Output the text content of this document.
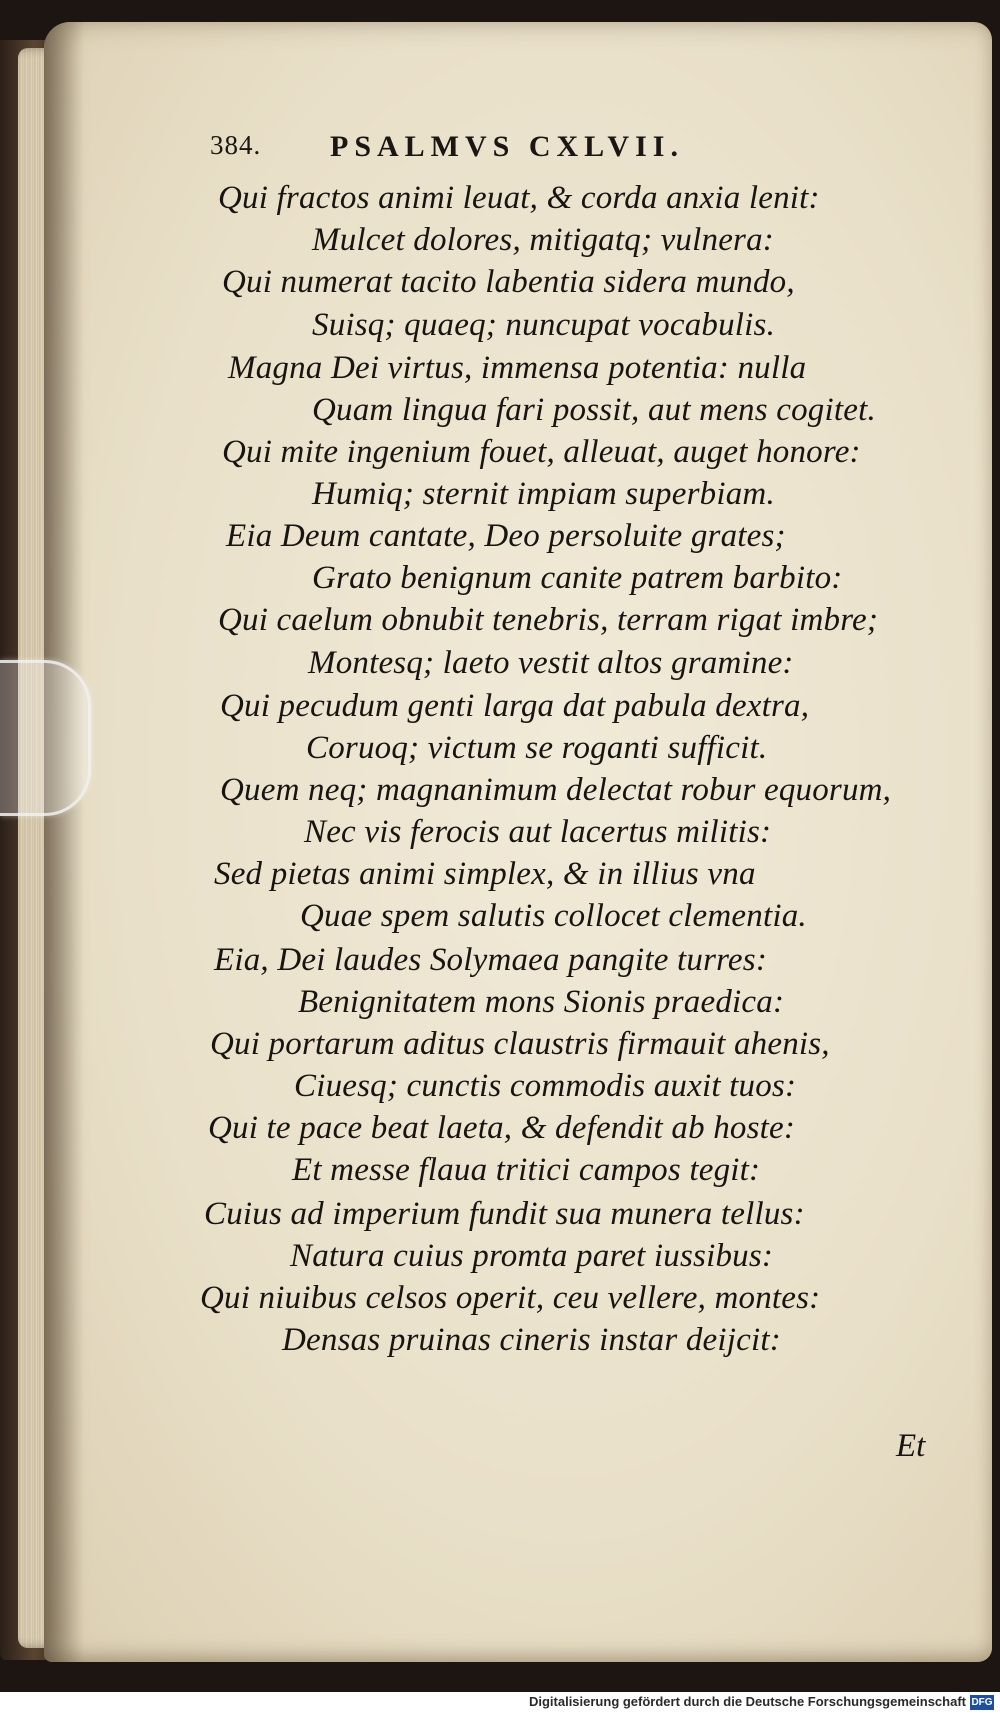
384. PSALMVS CXLVII.
Qui fractos animi leuat, & corda anxia lenit:
Mulcet dolores, mitigatq; vulnera:
Qui numerat tacito labentia sidera mundo,
Suisq; quaeq; nuncupat vocabulis.
Magna Dei virtus, immensa potentia: nulla
Quam lingua fari possit, aut mens cogitet.
Qui mite ingenium fouet, alleuat, auget honore:
Humiq; sternit impiam superbiam.
Eia Deum cantate, Deo persoluite grates;
Grato benignum canite patrem barbito:
Qui caelum obnubit tenebris, terram rigat imbre;
Montesq; laeto vestit altos gramine:
Qui pecudum genti larga dat pabula dextra,
Coruoq; victum se roganti sufficit.
Quem neq; magnanimum delectat robur equorum,
Nec vis ferocis aut lacertus militis:
Sed pietas animi simplex, & in illius vna
Quae spem salutis collocet clementia.
Eia, Dei laudes Solymaea pangite turres:
Benignitatem mons Sionis praedica:
Qui portarum aditus claustris firmauit ahenis,
Ciuesq; cunctis commodis auxit tuos:
Qui te pace beat laeta, & defendit ab hoste:
Et messe flaua tritici campos tegit:
Cuius ad imperium fundit sua munera tellus:
Natura cuius promta paret iussibus:
Qui niuibus celsos operit, ceu vellere, montes:
Densas pruinas cineris instar deijcit:
Et
Digitalisierung gefördert durch die Deutsche Forschungsgemeinschaft DFG
